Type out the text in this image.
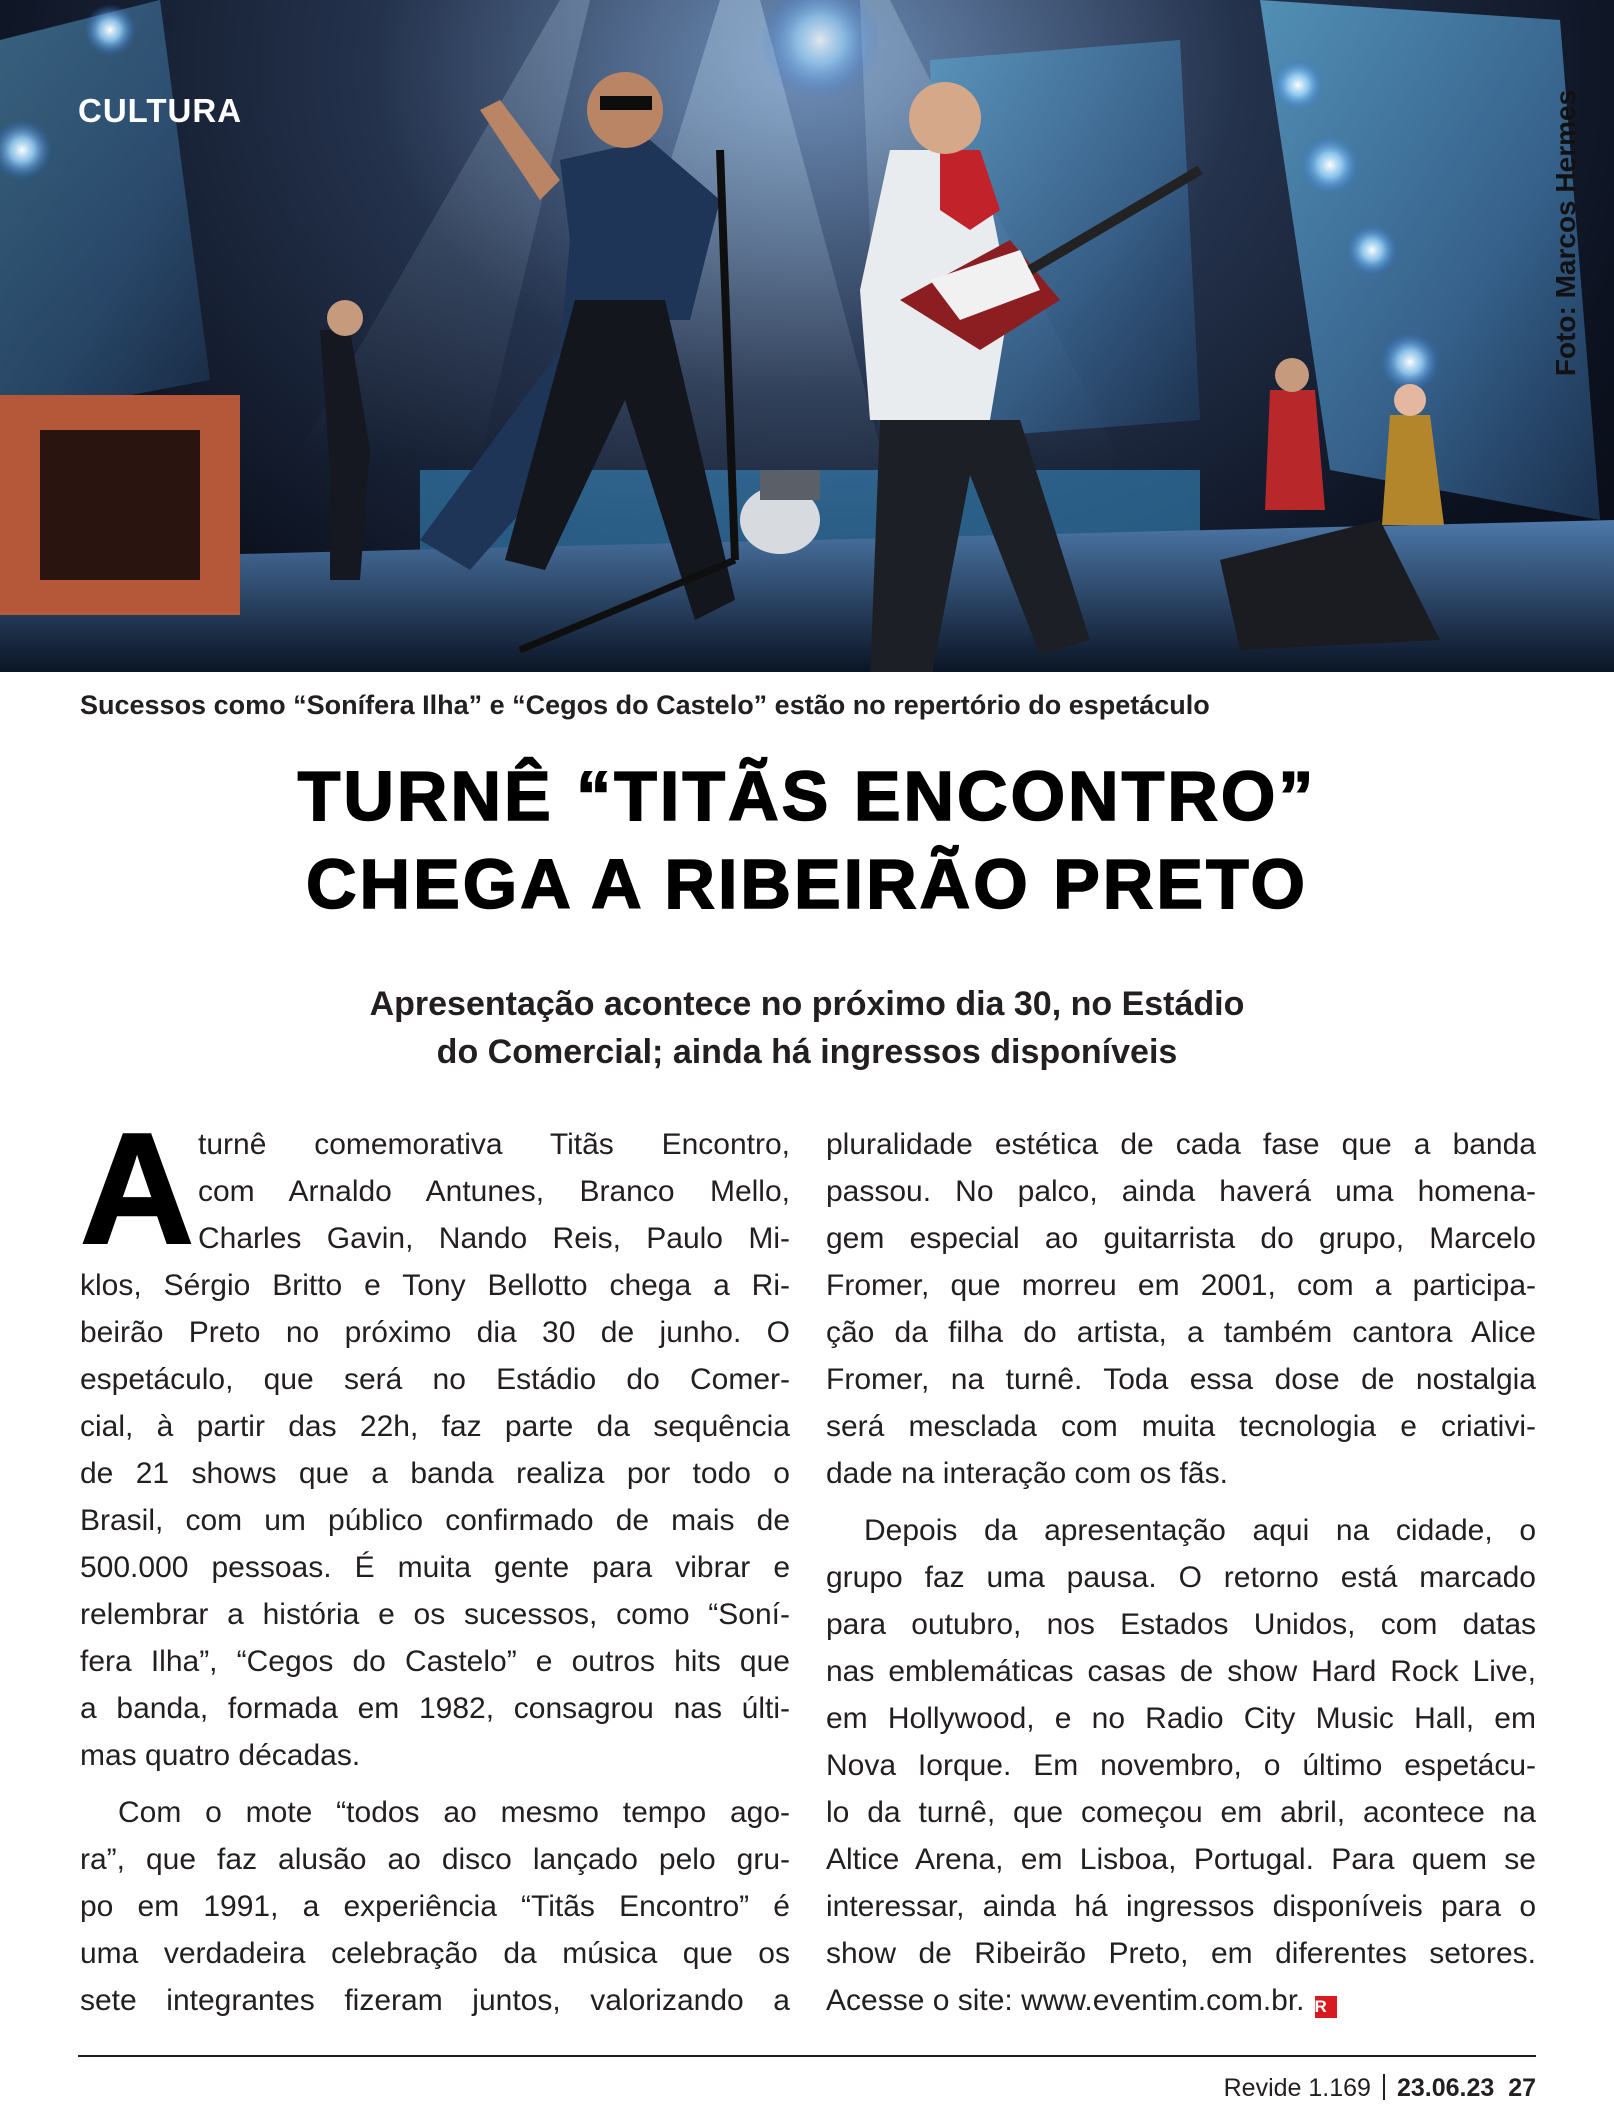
CULTURA	Foto: Marcos Hermes

Sucessos como “Sonífera Ilha” e “Cegos do Castelo” estão no repertório do espetáculo

TURNÊ “TITÃS ENCONTRO”
CHEGA A RIBEIRÃO PRETO
Apresentação acontece no próximo dia 30, no Estádio
do Comercial; ainda há ingressos disponíveis
A turnê comemorativa Titãs Encontro,
com Arnaldo Antunes, Branco Mello,
Charles Gavin, Nando Reis, Paulo Mi-
klos, Sérgio Britto e Tony Bellotto chega a Ri-
beirão Preto no próximo dia 30 de junho. O
espetáculo, que será no Estádio do Comer-
cial, à partir das 22h, faz parte da sequência
de 21 shows que a banda realiza por todo o
Brasil, com um público confirmado de mais de
500.000 pessoas. É muita gente para vibrar e
relembrar a história e os sucessos, como “Soní-
fera Ilha”, “Cegos do Castelo” e outros hits que
a banda, formada em 1982, consagrou nas últi-
mas quatro décadas.
Com o mote “todos ao mesmo tempo ago-
ra”, que faz alusão ao disco lançado pelo gru-
po em 1991, a experiência “Titãs Encontro” é
uma verdadeira celebração da música que os
sete integrantes fizeram juntos, valorizando a
pluralidade estética de cada fase que a banda
passou. No palco, ainda haverá uma homena-
gem especial ao guitarrista do grupo, Marcelo
Fromer, que morreu em 2001, com a participa-
ção da filha do artista, a também cantora Alice
Fromer, na turnê. Toda essa dose de nostalgia
será mesclada com muita tecnologia e criativi-
dade na interação com os fãs.
Depois da apresentação aqui na cidade, o
grupo faz uma pausa. O retorno está marcado
para outubro, nos Estados Unidos, com datas
nas emblemáticas casas de show Hard Rock Live,
em Hollywood, e no Radio City Music Hall, em
Nova Iorque. Em novembro, o último espetácu-
lo da turnê, que começou em abril, acontece na
Altice Arena, em Lisboa, Portugal. Para quem se
interessar, ainda há ingressos disponíveis para o
show de Ribeirão Preto, em diferentes setores.
Acesse o site: www.eventim.com.br. R
Revide 1.169 23.06.23 27
